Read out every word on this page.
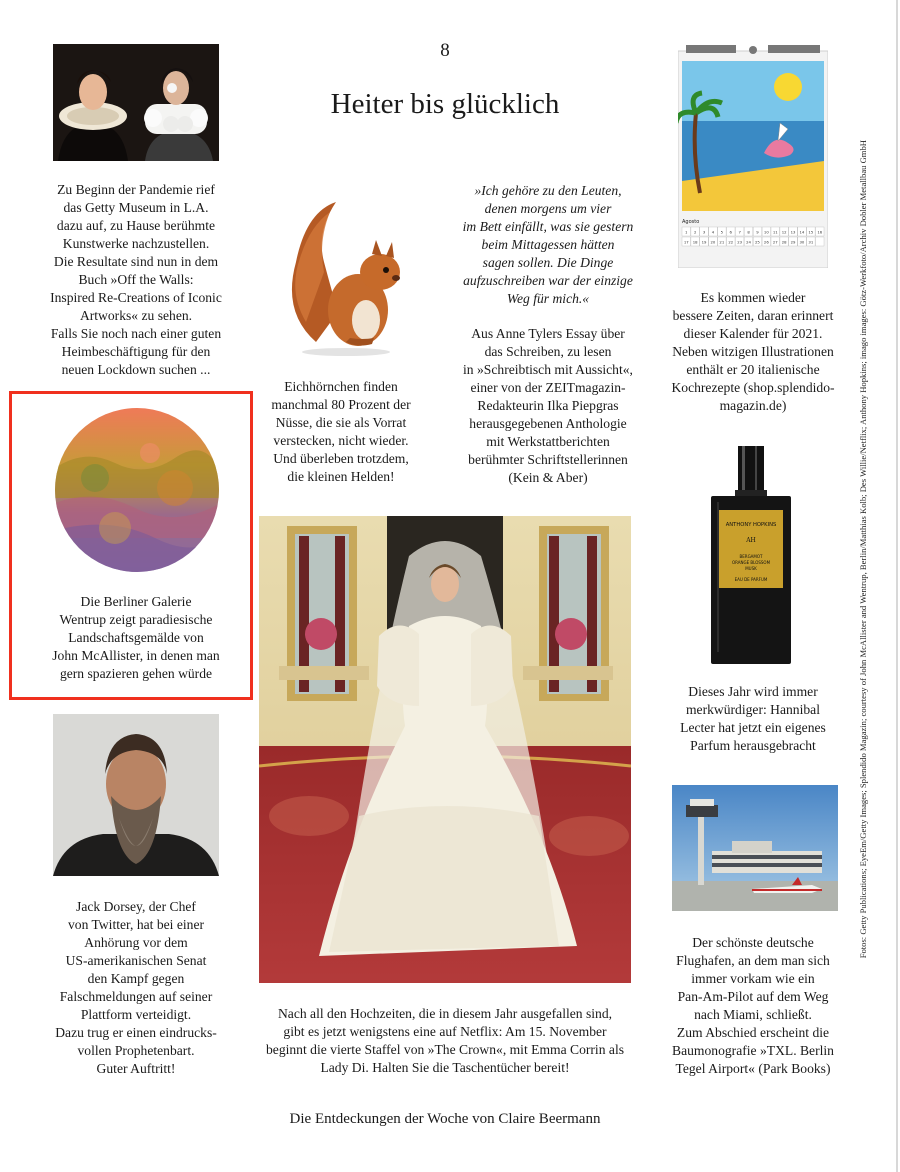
8
Heiter bis glücklich
Zu Beginn der Pandemie rief
das Getty Museum in L.A.
dazu auf, zu Hause berühmte
Kunstwerke nachzustellen.
Die Resultate sind nun in dem
Buch »Off the Walls:
Inspired Re-Creations of Iconic
Artworks« zu sehen.
Falls Sie noch nach einer guten
Heimbeschäftigung für den
neuen Lockdown suchen ...
Die Berliner Galerie
Wentrup zeigt paradiesische
Landschaftsgemälde von
John McAllister, in denen man
gern spazieren gehen würde
Jack Dorsey, der Chef
von Twitter, hat bei einer
Anhörung vor dem
US-amerikanischen Senat
den Kampf gegen
Falschmeldungen auf seiner
Plattform verteidigt.
Dazu trug er einen eindrucks-
vollen Prophetenbart.
Guter Auftritt!
Eichhörnchen finden
manchmal 80 Prozent der
Nüsse, die sie als Vorrat
verstecken, nicht wieder.
Und überleben trotzdem,
die kleinen Helden!
»Ich gehöre zu den Leuten,
denen morgens um vier
im Bett einfällt, was sie gestern
beim Mittagessen hätten
sagen sollen. Die Dinge
aufzuschreiben war der einzige
Weg für mich.«
Aus Anne Tylers Essay über
das Schreiben, zu lesen
in »Schreibtisch mit Aussicht«,
einer von der ZEITmagazin-
Redakteurin Ilka Piepgras
herausgegebenen Anthologie
mit Werkstattberichten
berühmter Schriftstellerinnen
(Kein & Aber)
Nach all den Hochzeiten, die in diesem Jahr ausgefallen sind,
gibt es jetzt wenigstens eine auf Netflix: Am 15. November
beginnt die vierte Staffel von »The Crown«, mit Emma Corrin als
Lady Di. Halten Sie die Taschentücher bereit!
Agosto
1 2 3 4 5 6 7 8 9 10 11 12 13 14 15 16
17 18 19 20 21 22 23 24 25 26 27 28 29 30 31
Es kommen wieder
bessere Zeiten, daran erinnert
dieser Kalender für 2021.
Neben witzigen Illustrationen
enthält er 20 italienische
Kochrezepte (shop.splendido-
magazin.de)
ANTHONY HOPKINS
AH
BERGAMOT
ORANGE BLOSSOM
MUSK
EAU DE PARFUM
Dieses Jahr wird immer
merkwürdiger: Hannibal
Lecter hat jetzt ein eigenes
Parfum herausgebracht
Der schönste deutsche
Flughafen, an dem man sich
immer vorkam wie ein
Pan-Am-Pilot auf dem Weg
nach Miami, schließt.
Zum Abschied erscheint die
Baumonografie »TXL. Berlin
Tegel Airport« (Park Books)
Fotos: Getty Publications; EyeEm/Getty Images; Splendido Magazin; courtesy of John McAllister and Wentrup, Berlin/Matthias Kolb; Des Willie/Netflix; Anthony Hopkins; imago images: Götz-Werkfoto/Archiv Dobler Metallbau GmbH
Die Entdeckungen der Woche von Claire Beermann
